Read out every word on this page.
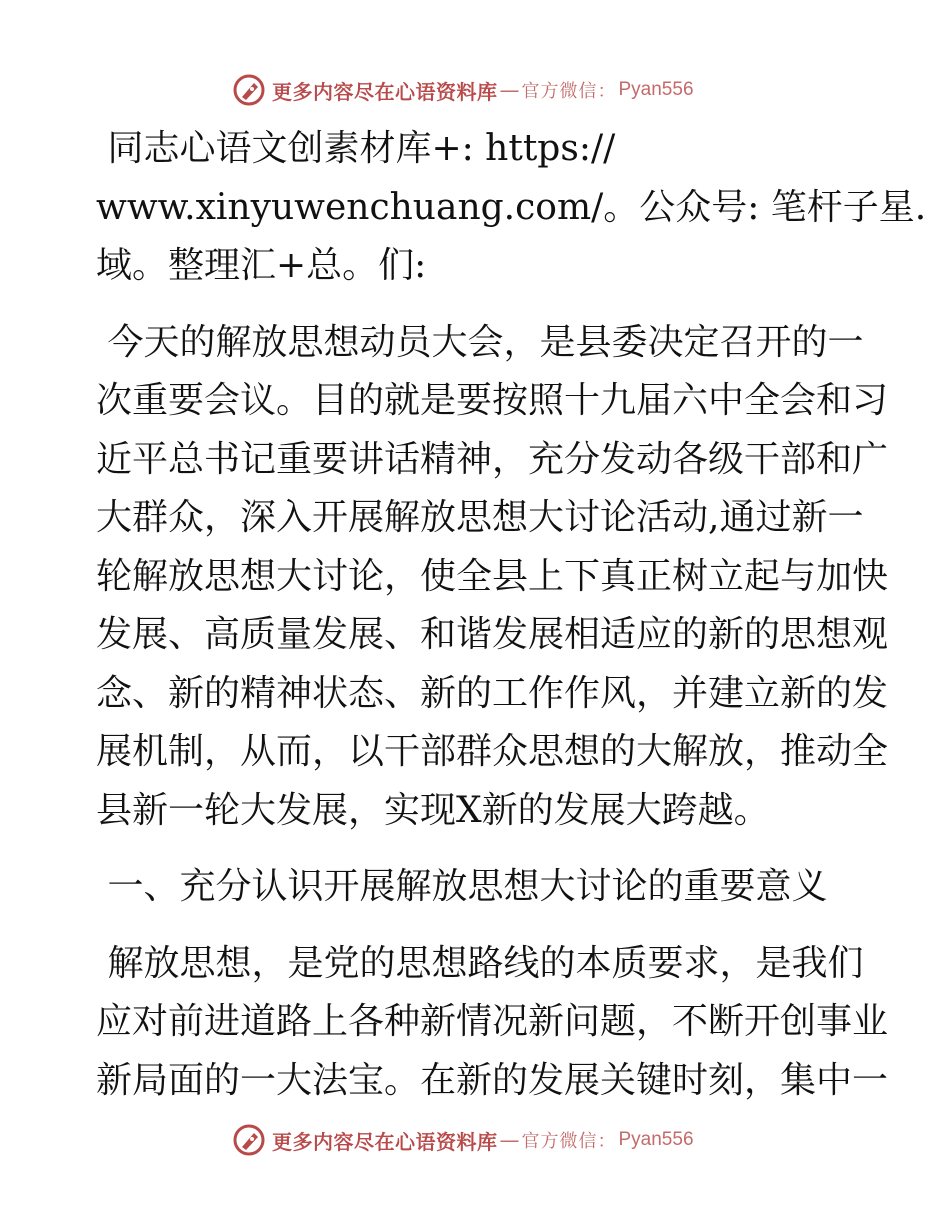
更多内容尽在心语资料库 — 官方微信： Pyan556

同志心语文创素材库+: https://

www.xinyuwenchuang.com/。公众号: 笔杆子星.

域。整理汇+总。们:

今天的解放思想动员大会，是县委决定召开的一

次重要会议。目的就是要按照十九届六中全会和习

近平总书记重要讲话精神，充分发动各级干部和广

大群众，深入开展解放思想大讨论活动,通过新一

轮解放思想大讨论，使全县上下真正树立起与加快

发展、高质量发展、和谐发展相适应的新的思想观

念、新的精神状态、新的工作作风，并建立新的发

展机制，从而，以干部群众思想的大解放，推动全

县新一轮大发展，实现X新的发展大跨越。

一、充分认识开展解放思想大讨论的重要意义

解放思想，是党的思想路线的本质要求，是我们

应对前进道路上各种新情况新问题，不断开创事业

新局面的一大法宝。在新的发展关键时刻，集中一

更多内容尽在心语资料库 — 官方微信： Pyan556
